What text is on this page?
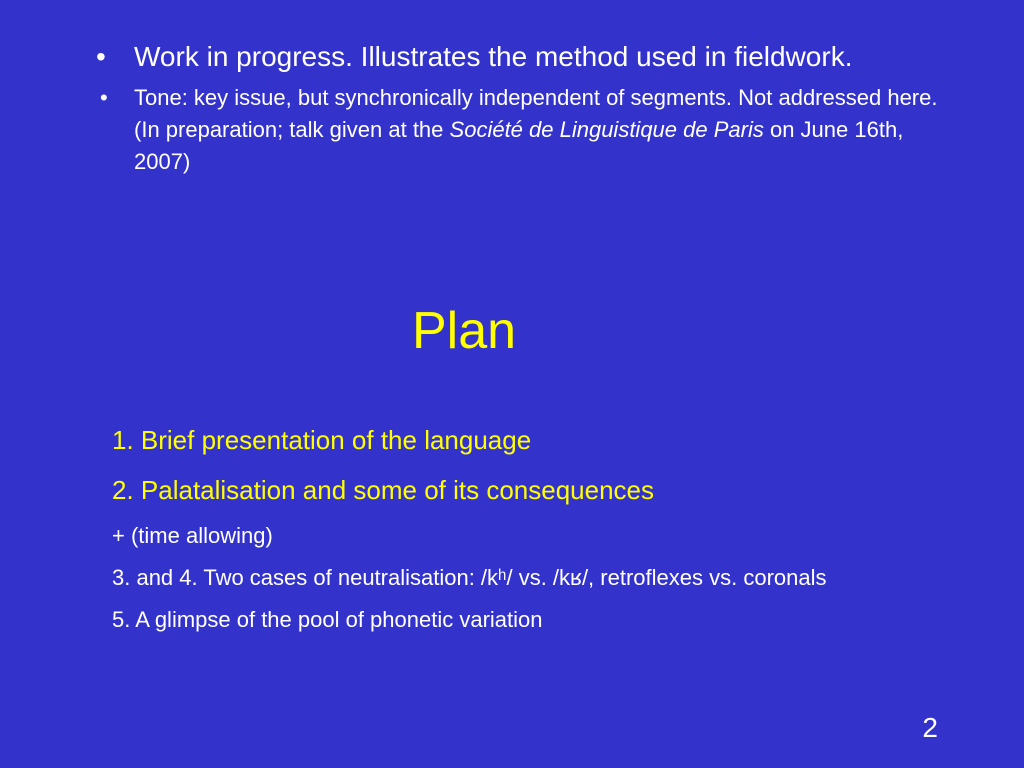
• Work in progress. Illustrates the method used in fieldwork.
• Tone: key issue, but synchronically independent of segments. Not addressed here. (In preparation; talk given at the Société de Linguistique de Paris on June 16th, 2007)
Plan
1. Brief presentation of the language
2. Palatalisation and some of its consequences
+ (time allowing)
3. and 4. Two cases of neutralisation: /kʰ/ vs. /kʁ/, retroflexes vs. coronals
5. A glimpse of the pool of phonetic variation
2
